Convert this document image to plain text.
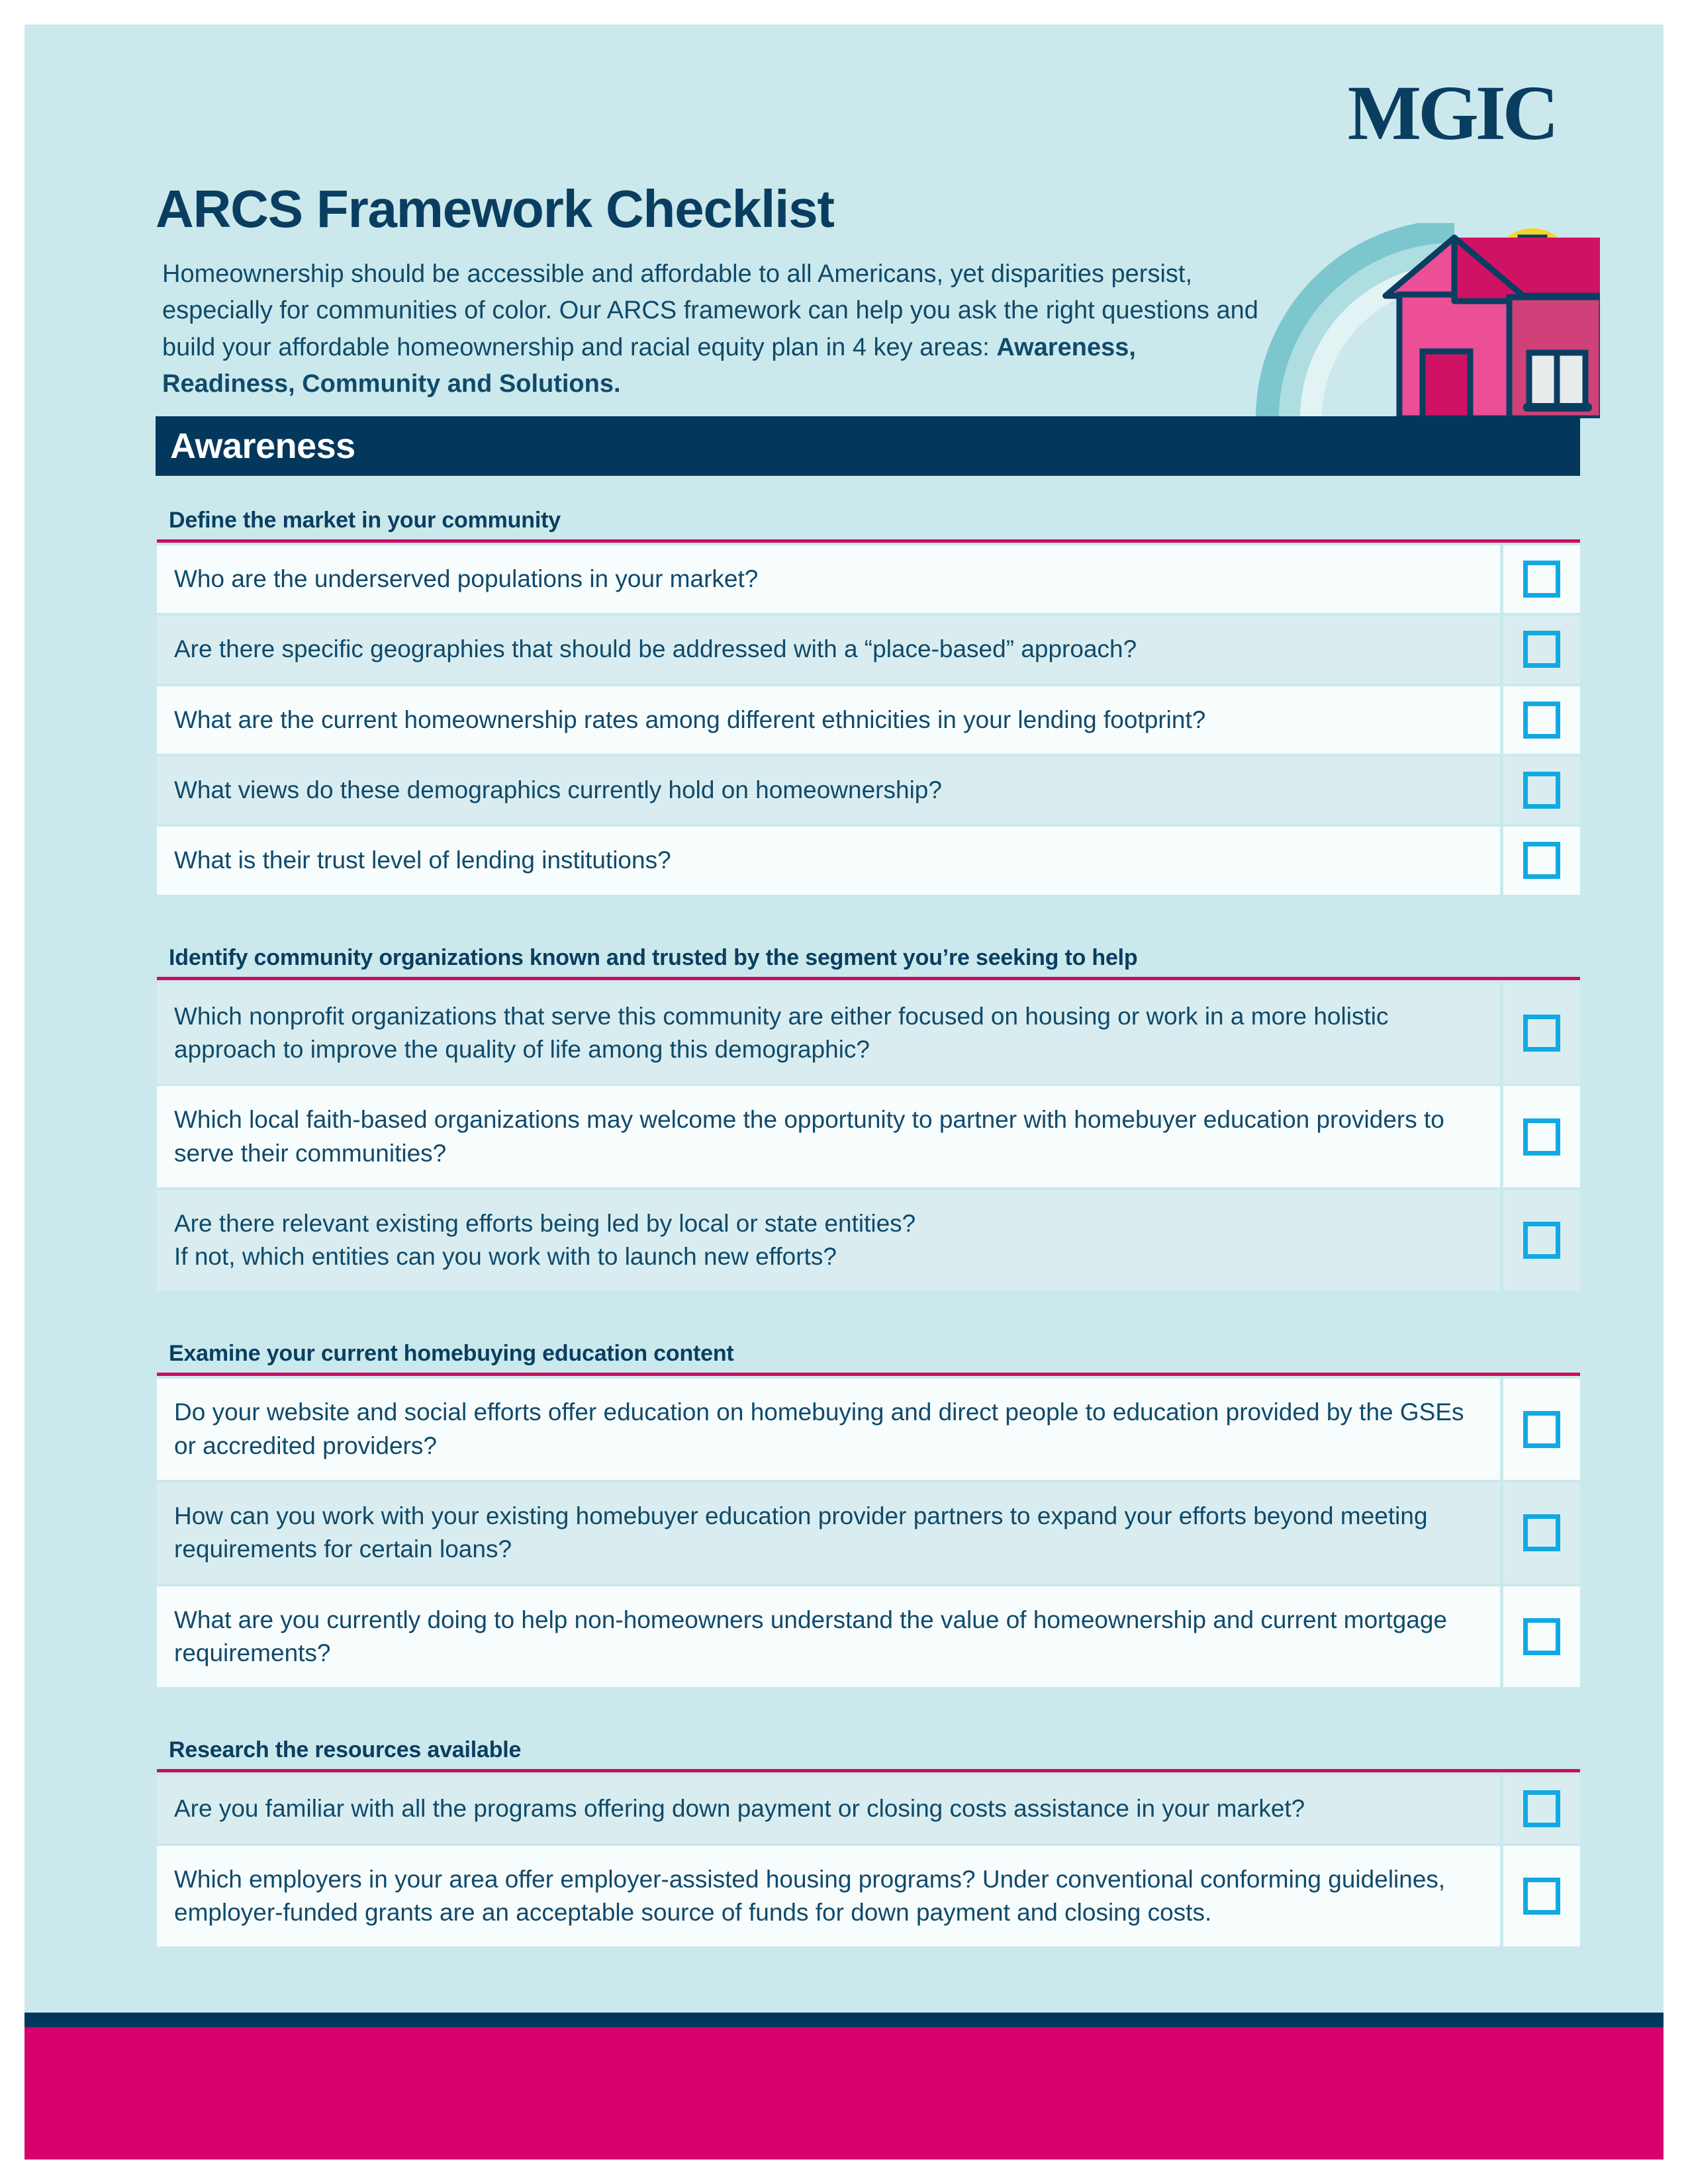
MGIC
ARCS Framework Checklist
Homeownership should be accessible and affordable to all Americans, yet disparities persist, especially for communities of color. Our ARCS framework can help you ask the right questions and build your affordable homeownership and racial equity plan in 4 key areas: Awareness, Readiness, Community and Solutions.
Awareness
Define the market in your community
Who are the underserved populations in your market?
Are there specific geographies that should be addressed with a “place-based” approach?
What are the current homeownership rates among different ethnicities in your lending footprint?
What views do these demographics currently hold on homeownership?
What is their trust level of lending institutions?
Identify community organizations known and trusted by the segment you’re seeking to help
Which nonprofit organizations that serve this community are either focused on housing or work in a more holistic approach to improve the quality of life among this demographic?
Which local faith-based organizations may welcome the opportunity to partner with homebuyer education providers to serve their communities?
Are there relevant existing efforts being led by local or state entities?
If not, which entities can you work with to launch new efforts?
Examine your current homebuying education content
Do your website and social efforts offer education on homebuying and direct people to education provided by the GSEs or accredited providers?
How can you work with your existing homebuyer education provider partners to expand your efforts beyond meeting requirements for certain loans?
What are you currently doing to help non-homeowners understand the value of homeownership and current mortgage requirements?
Research the resources available
Are you familiar with all the programs offering down payment or closing costs assistance in your market?
Which employers in your area offer employer-assisted housing programs? Under conventional conforming guidelines, employer-funded grants are an acceptable source of funds for down payment and closing costs.
